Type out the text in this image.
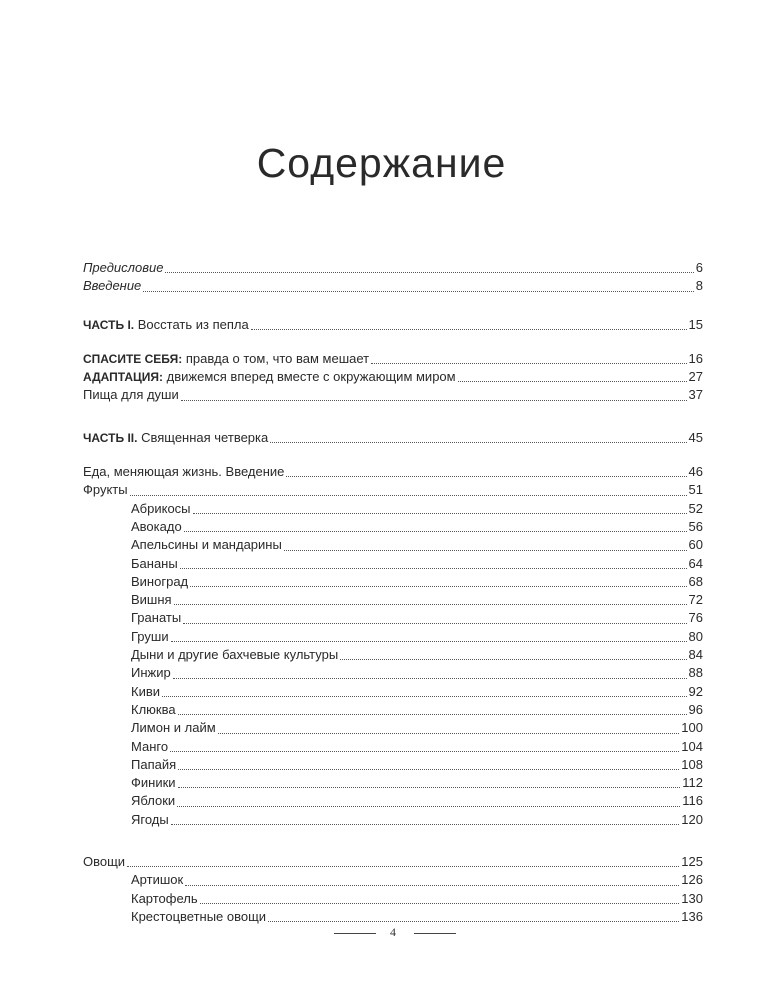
Содержание
Предисловие	6
Введение	8
ЧАСТЬ I. Восстать из пепла	15
СПАСИТЕ СЕБЯ: правда о том, что вам мешает	16
АДАПТАЦИЯ: движемся вперед вместе с окружающим миром	27
Пища для души	37
ЧАСТЬ II. Священная четверка	45
Еда, меняющая жизнь. Введение	46
Фрукты	51
Абрикосы	52
Авокадо	56
Апельсины и мандарины	60
Бананы	64
Виноград	68
Вишня	72
Гранаты	76
Груши	80
Дыни и другие бахчевые культуры	84
Инжир	88
Киви	92
Клюква	96
Лимон и лайм	100
Манго	104
Папайя	108
Финики	112
Яблоки	116
Ягоды	120
Овощи	125
Артишок	126
Картофель	130
Крестоцветные овощи	136
4
